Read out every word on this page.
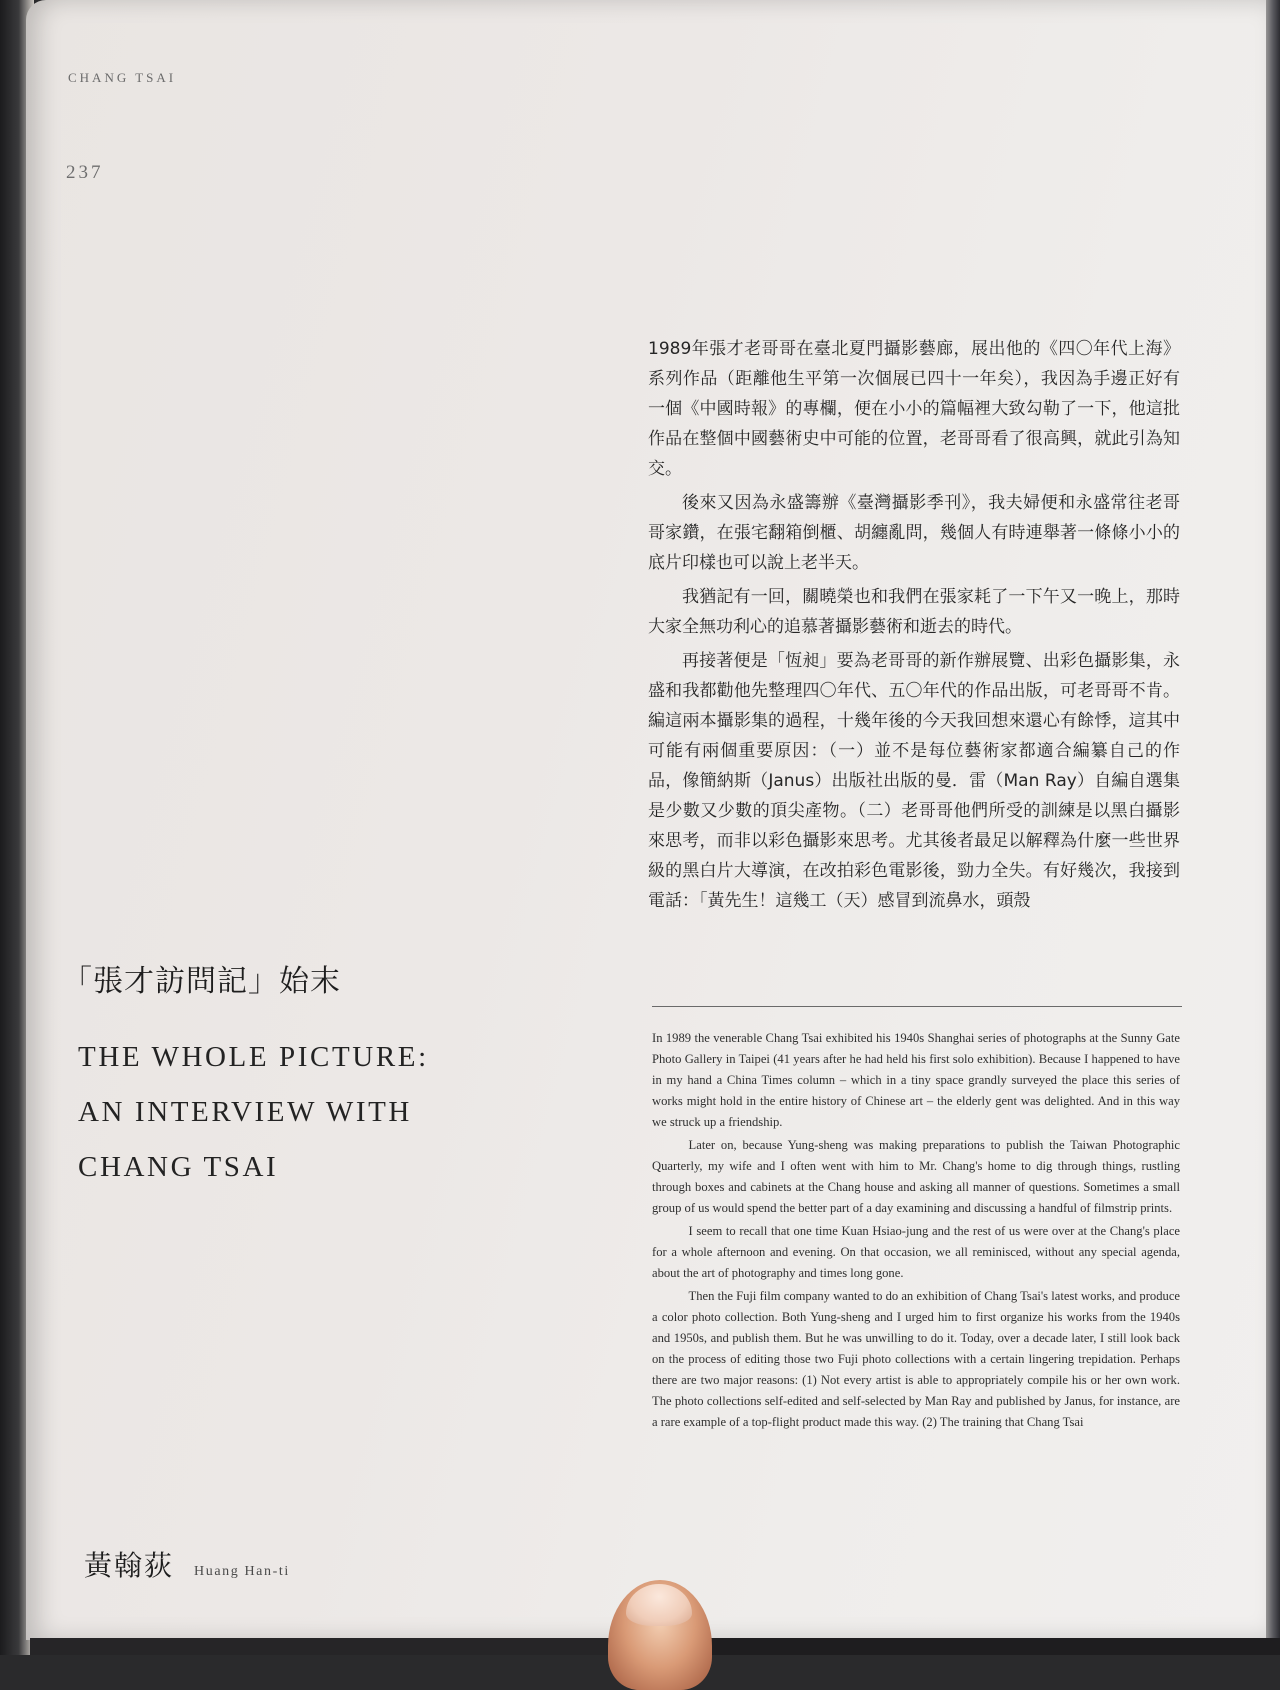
CHANG TSAI
237
「張才訪問記」始末
THE WHOLE PICTURE:
AN INTERVIEW WITH
CHANG TSAI
黃翰荻 Huang Han-ti

1989年張才老哥哥在臺北夏門攝影藝廊，展出他的《四〇年代上海》系列作品（距離他生平第一次個展已四十一年矣），我因為手邊正好有一個《中國時報》的專欄，便在小小的篇幅裡大致勾勒了一下，他這批作品在整個中國藝術史中可能的位置，老哥哥看了很高興，就此引為知交。

後來又因為永盛籌辦《臺灣攝影季刊》，我夫婦便和永盛常往老哥哥家鑽，在張宅翻箱倒櫃、胡纏亂問，幾個人有時連舉著一條條小小的底片印樣也可以說上老半天。

我猶記有一回，關曉榮也和我們在張家耗了一下午又一晚上，那時大家全無功利心的追慕著攝影藝術和逝去的時代。

再接著便是「恆昶」要為老哥哥的新作辦展覽、出彩色攝影集，永盛和我都勸他先整理四〇年代、五〇年代的作品出版，可老哥哥不肯。編這兩本攝影集的過程，十幾年後的今天我回想來還心有餘悸，這其中可能有兩個重要原因：（一）並不是每位藝術家都適合編纂自己的作品，像簡納斯（Janus）出版社出版的曼．雷（Man Ray）自編自選集是少數又少數的頂尖產物。（二）老哥哥他們所受的訓練是以黑白攝影來思考，而非以彩色攝影來思考。尤其後者最足以解釋為什麼一些世界級的黑白片大導演，在改拍彩色電影後，勁力全失。有好幾次，我接到電話：「黃先生！這幾工（天）感冒到流鼻水，頭殼

In 1989 the venerable Chang Tsai exhibited his 1940s Shanghai series of photographs at the Sunny Gate Photo Gallery in Taipei (41 years after he had held his first solo exhibition). Because I happened to have in my hand a China Times column – which in a tiny space grandly surveyed the place this series of works might hold in the entire history of Chinese art – the elderly gent was delighted. And in this way we struck up a friendship.

Later on, because Yung-sheng was making preparations to publish the Taiwan Photographic Quarterly, my wife and I often went with him to Mr. Chang's home to dig through things, rustling through boxes and cabinets at the Chang house and asking all manner of questions. Sometimes a small group of us would spend the better part of a day examining and discussing a handful of filmstrip prints.

I seem to recall that one time Kuan Hsiao-jung and the rest of us were over at the Chang's place for a whole afternoon and evening. On that occasion, we all reminisced, without any special agenda, about the art of photography and times long gone.

Then the Fuji film company wanted to do an exhibition of Chang Tsai's latest works, and produce a color photo collection. Both Yung-sheng and I urged him to first organize his works from the 1940s and 1950s, and publish them. But he was unwilling to do it. Today, over a decade later, I still look back on the process of editing those two Fuji photo collections with a certain lingering trepidation. Perhaps there are two major reasons: (1) Not every artist is able to appropriately compile his or her own work. The photo collections self-edited and self-selected by Man Ray and published by Janus, for instance, are a rare example of a top-flight product made this way. (2) The training that Chang Tsai
